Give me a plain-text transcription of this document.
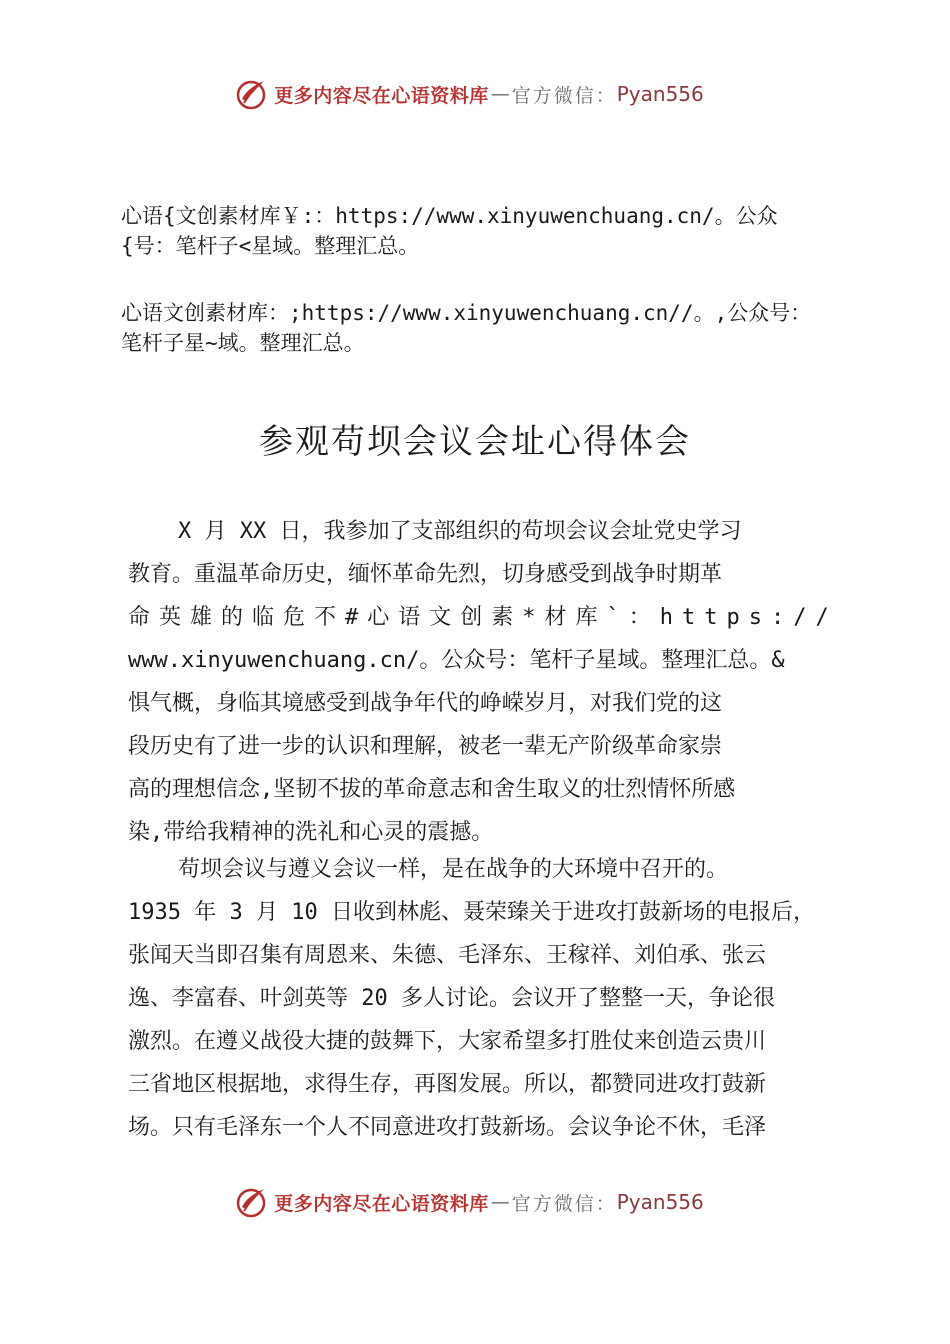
更多内容尽在心语资料库 — 官方微信： Pyan556
心语{文创素材库￥:：https://www.xinyuwenchuang.cn/。公众
{号：笔杆子<星域。整理汇总。
心语文创素材库：;https://www.xinyuwenchuang.cn//。,公众号：
笔杆子星~域。整理汇总。
参观苟坝会议会址心得体会
X 月 XX 日，我参加了支部组织的苟坝会议会址党史学习
教育。重温革命历史，缅怀革命先烈，切身感受到战争时期革
命英雄的临危不#心语文创素*材库`：https://
www.xinyuwenchuang.cn/。公众号：笔杆子星域。整理汇总。&
惧气概，身临其境感受到战争年代的峥嵘岁月，对我们党的这
段历史有了进一步的认识和理解，被老一辈无产阶级革命家崇
高的理想信念,坚韧不拔的革命意志和舍生取义的壮烈情怀所感
染,带给我精神的洗礼和心灵的震撼。
苟坝会议与遵义会议一样，是在战争的大环境中召开的。
1935 年 3 月 10 日收到林彪、聂荣臻关于进攻打鼓新场的电报后，
张闻天当即召集有周恩来、朱德、毛泽东、王稼祥、刘伯承、张云
逸、李富春、叶剑英等 20 多人讨论。会议开了整整一天，争论很
激烈。在遵义战役大捷的鼓舞下，大家希望多打胜仗来创造云贵川
三省地区根据地，求得生存，再图发展。所以，都赞同进攻打鼓新
场。只有毛泽东一个人不同意进攻打鼓新场。会议争论不休，毛泽
更多内容尽在心语资料库 — 官方微信： Pyan556
